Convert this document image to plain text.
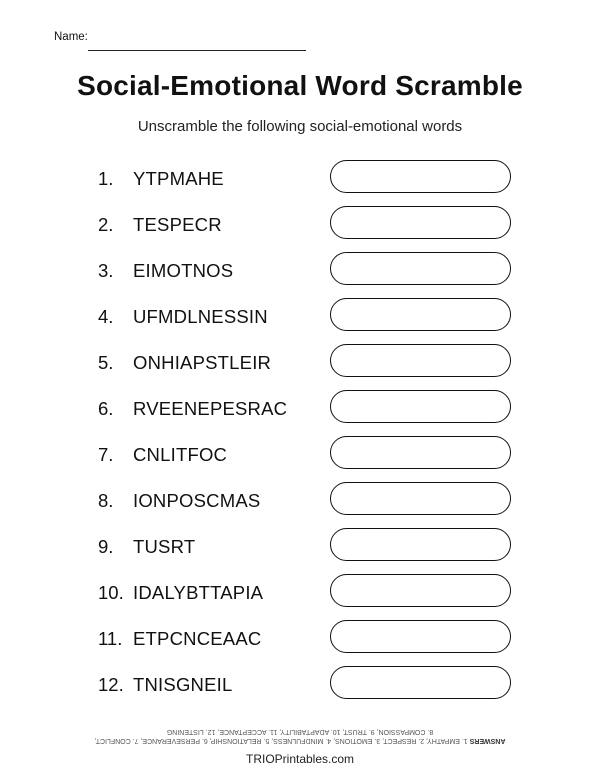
Name:
Social-Emotional Word Scramble
Unscramble the following social-emotional words
1. YTPMAHE
2. TESPECR
3. EIMOTNOS
4. UFMDLNESSIN
5. ONHIAPSTLEIR
6. RVEENEPESRAC
7. CNLITFOC
8. IONPOSCMAS
9. TUSRT
10. IDALYBTTAPIA
11. ETPCNCEAAC
12. TNISGNEIL
ANSWERS 1. EMPATHY, 2. RESPECT, 3. EMOTIONS, 4. MINDFULNESS, 5. RELATIONSHIP, 6. PERSEVERANCE, 7. CONFLICT,
8. COMPASSION, 9. TRUST, 10. ADAPTABILITY, 11. ACCEPTANCE, 12. LISTENING
TRIOPrintables.com
